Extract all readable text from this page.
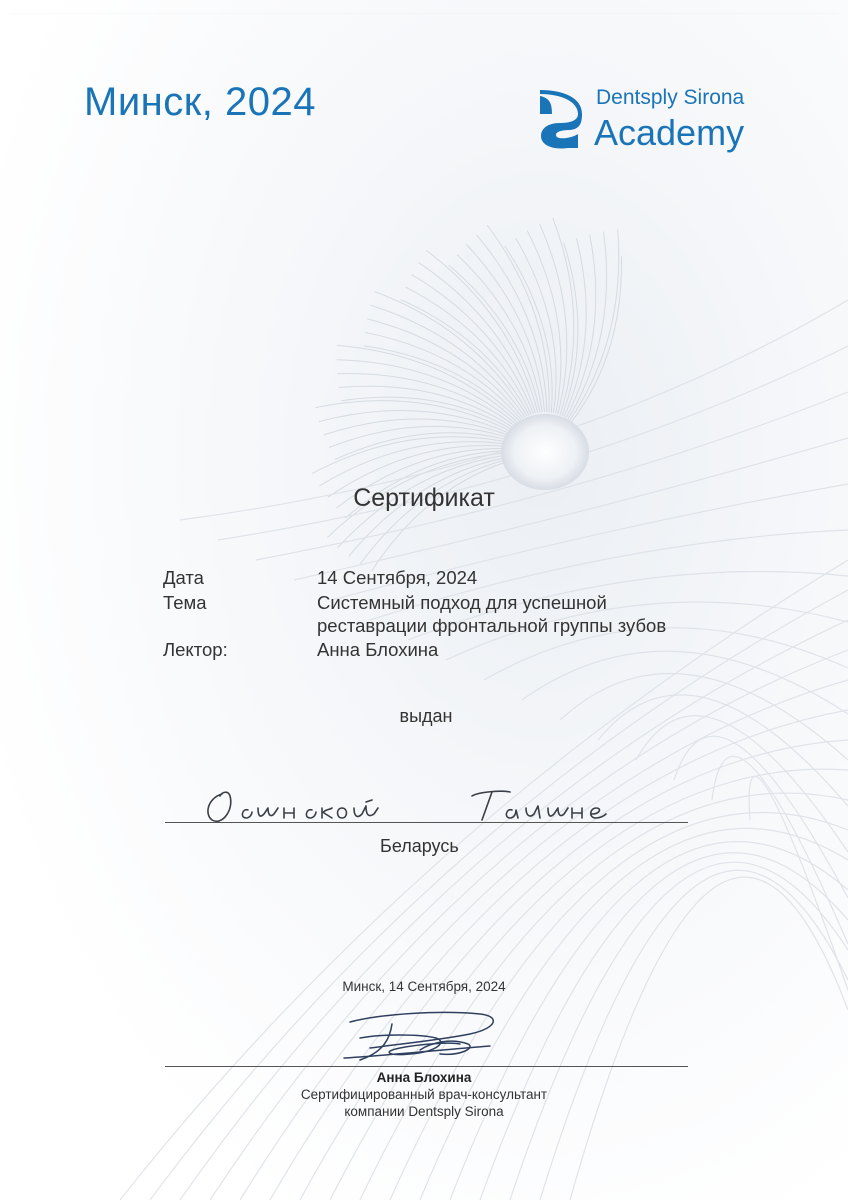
Минск, 2024	Dentsply Sirona
Academy
Сертификат
Дата	14 Сентября, 2024
Тема	Системный подход для успешной
реставрации фронтальной группы зубов
Лектор:	Анна Блохина
выдан
Беларусь
Минск, 14 Сентября, 2024
Анна Блохина
Сертифицированный врач-консультант
компании Dentsply Sirona
